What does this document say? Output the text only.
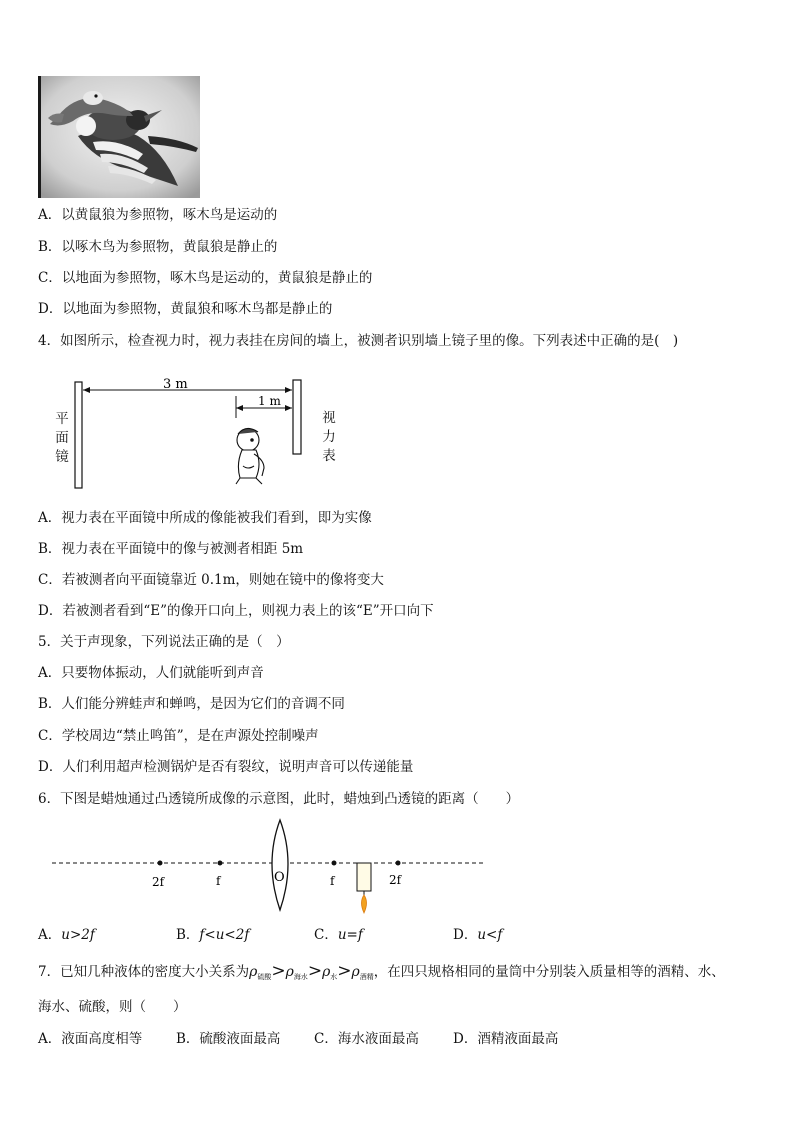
A．以黄鼠狼为参照物，啄木鸟是运动的
B．以啄木鸟为参照物，黄鼠狼是静止的
C．以地面为参照物，啄木鸟是运动的，黄鼠狼是静止的
D．以地面为参照物，黄鼠狼和啄木鸟都是静止的
4．如图所示，检查视力时，视力表挂在房间的墙上，被测者识别墙上镜子里的像。下列表述中正确的是(　)
3 m
1 m
平
面
镜
视
力
表
A．视力表在平面镜中所成的像能被我们看到，即为实像
B．视力表在平面镜中的像与被测者相距 5m
C．若被测者向平面镜靠近 0.1m，则她在镜中的像将变大
D．若被测者看到“E”的像开口向上，则视力表上的该“E”开口向下
5．关于声现象，下列说法正确的是（　）
A．只要物体振动，人们就能听到声音
B．人们能分辨蛙声和蝉鸣，是因为它们的音调不同
C．学校周边“禁止鸣笛”，是在声源处控制噪声
D．人们利用超声检测锅炉是否有裂纹，说明声音可以传递能量
6．下图是蜡烛通过凸透镜所成像的示意图，此时，蜡烛到凸透镜的距离（　　）
2f	f	O	f	2f
A．u>2f	B．f<u<2f	C．u=f	D．u<f
7．已知几种液体的密度大小关系为$\rho_{硫酸}>\rho_{海水}>\rho_水>\rho_{酒精}$，在四只规格相同的量筒中分别装入质量相等的酒精、水、
海水、硫酸，则（　　）
A．液面高度相等	B．硫酸液面最高 C．海水液面最高	D．酒精液面最高
